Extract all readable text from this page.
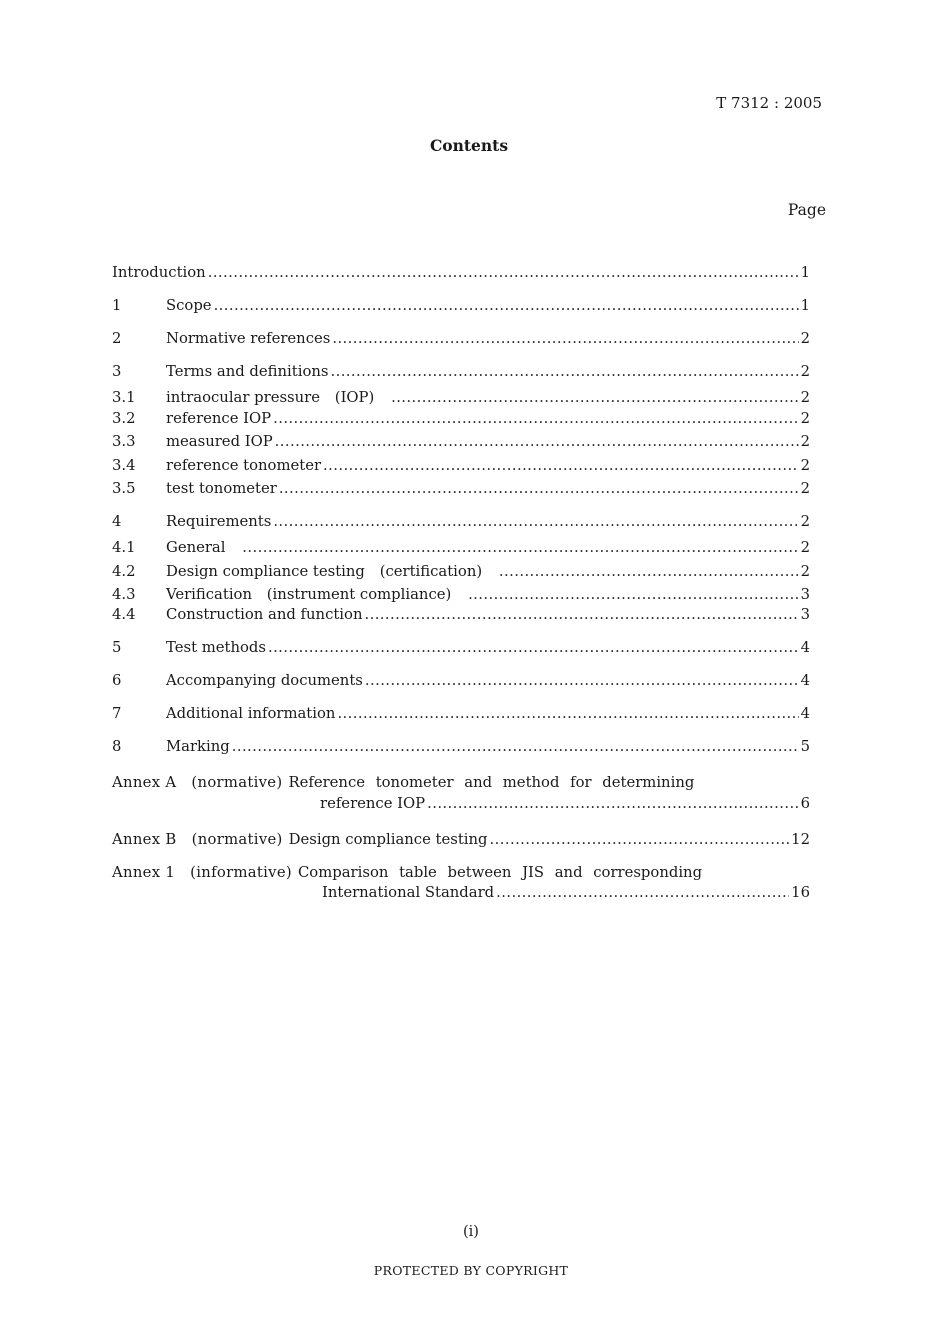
T 7312 : 2005
Contents
Page
Introduction .....	1
1	Scope .....	1
2	Normative references .....	2
3	Terms and definitions .....	2
3.1	intraocular pressure　(IOP)　 .....	2
3.2	reference IOP .....	2
3.3	measured IOP .....	2
3.4	reference tonometer .....	2
3.5	test tonometer .....	2
4	Requirements .....	2
4.1	General　 .....	2
4.2	Design compliance testing　(certification)　 .....	2
4.3	Verification　(instrument compliance)　 .....	3
4.4	Construction and function .....	3
5	Test methods .....	4
6	Accompanying documents .....	4
7	Additional information .....	4
8	Marking .....	5
Annex A　(normative) Reference tonometer and method for determining
reference IOP .....	6
Annex B　(normative) Design compliance testing .....	12
Annex 1　(informative) Comparison table between JIS and corresponding
International Standard .....	16
(i)
PROTECTED BY COPYRIGHT
